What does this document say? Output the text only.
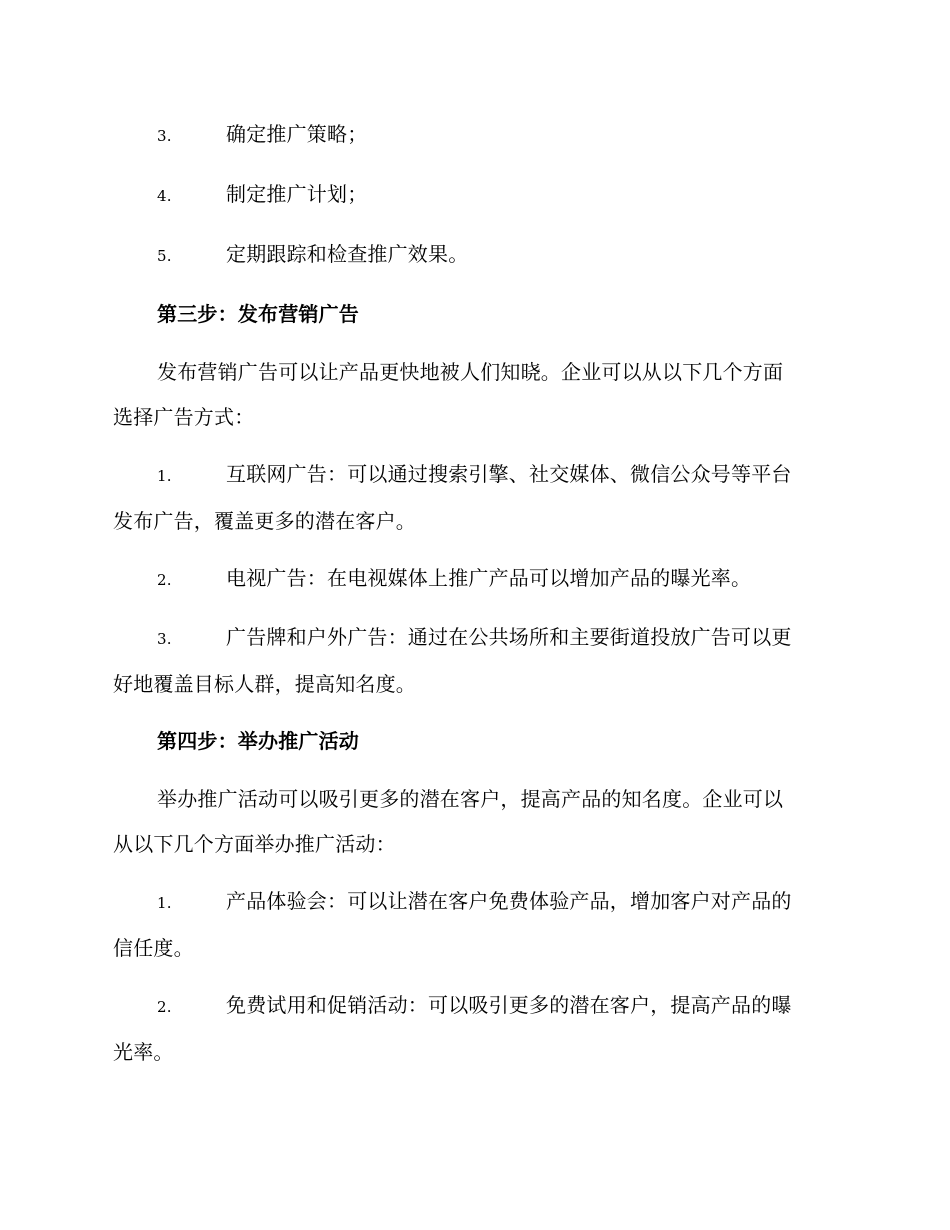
3.	确定推广策略；
4.	制定推广计划；
5.	定期跟踪和检查推广效果。
第三步：发布营销广告
发布营销广告可以让产品更快地被人们知晓。企业可以从以下几个方面
选择广告方式：
1.	互联网广告：可以通过搜索引擎、社交媒体、微信公众号等平台
发布广告，覆盖更多的潜在客户。
2.	电视广告：在电视媒体上推广产品可以增加产品的曝光率。
3.	广告牌和户外广告：通过在公共场所和主要街道投放广告可以更
好地覆盖目标人群，提高知名度。
第四步：举办推广活动
举办推广活动可以吸引更多的潜在客户，提高产品的知名度。企业可以
从以下几个方面举办推广活动：
1.	产品体验会：可以让潜在客户免费体验产品，增加客户对产品的
信任度。
2.	免费试用和促销活动：可以吸引更多的潜在客户，提高产品的曝
光率。
